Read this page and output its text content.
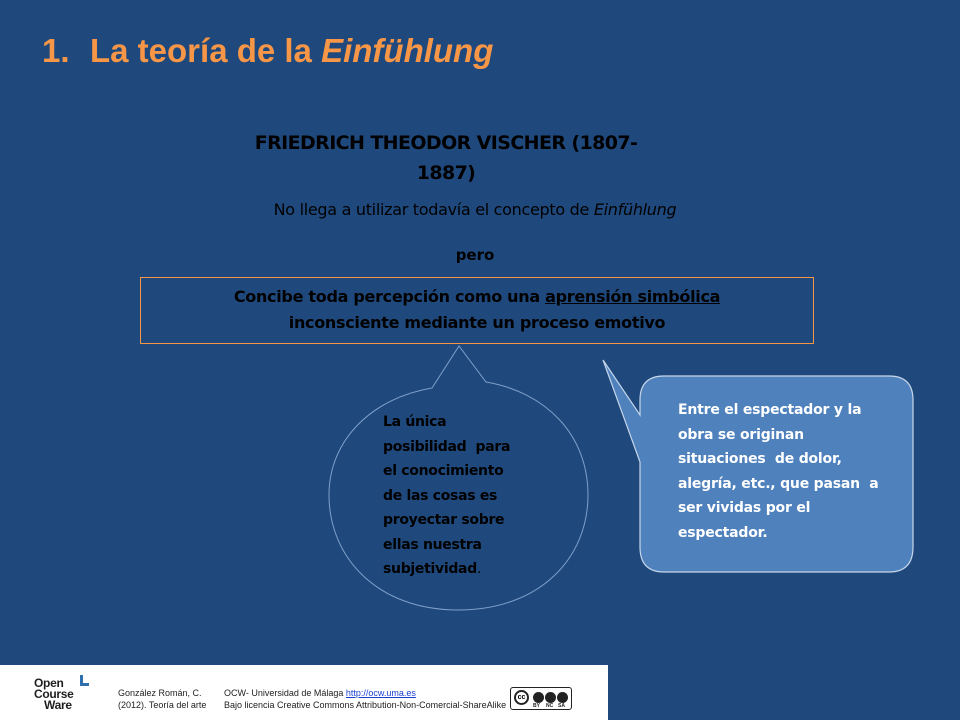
1. La teoría de la Einfühlung
FRIEDRICH THEODOR VISCHER (1807-
1887)
No llega a utilizar todavía el concepto de Einfühlung
pero
Concibe toda percepción como una aprensión simbólica
inconsciente mediante un proceso emotivo
La única
posibilidad  para
el conocimiento
de las cosas es
proyectar sobre
ellas nuestra
subjetividad.
Entre el espectador y la
obra se originan
situaciones  de dolor,
alegría, etc., que pasan  a
ser vividas por el
espectador.
Open
Course
Ware
González Román, C.
(2012). Teoría del arte
OCW- Universidad de Málaga http://ocw.uma.es
Bajo licencia Creative Commons Attribution-Non-Comercial-ShareAlike
cc
BY NC SA
